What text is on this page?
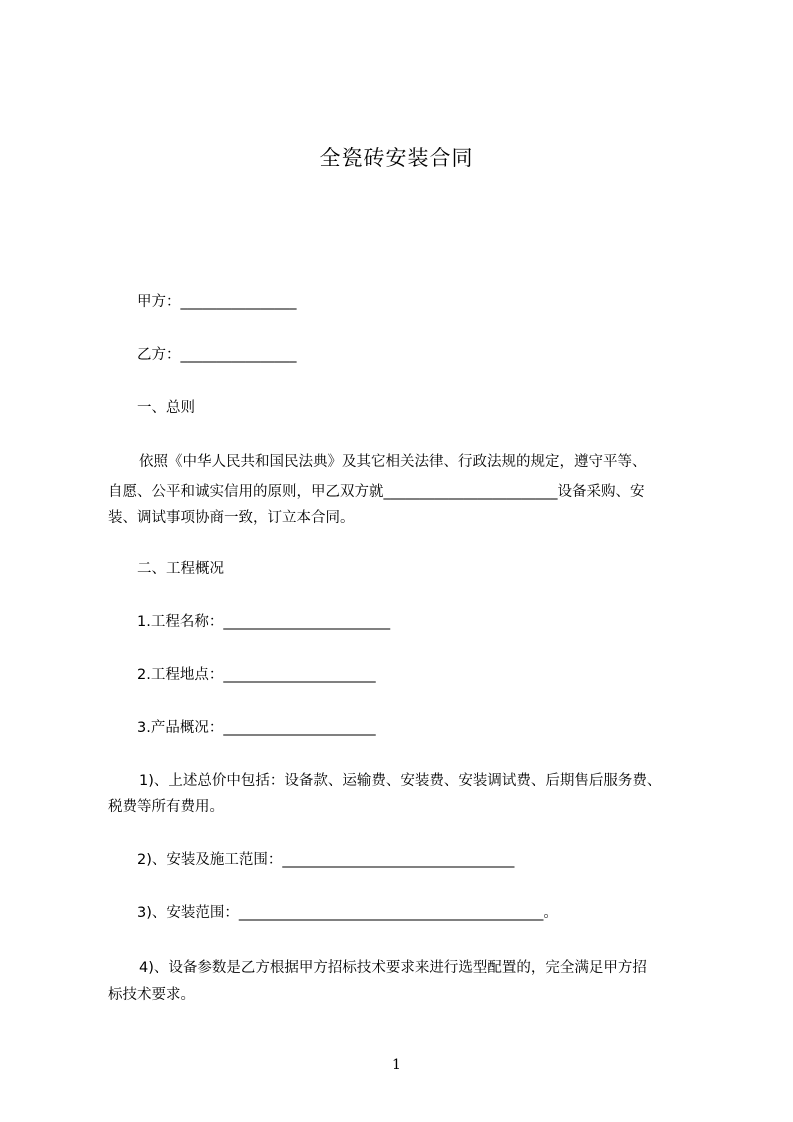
全瓷砖安装合同
甲方：________________
乙方：________________
一、总则
依照《中华人民共和国民法典》及其它相关法律、行政法规的规定，遵守平等、
自愿、公平和诚实信用的原则，甲乙双方就________________________设备采购、安
装、调试事项协商一致，订立本合同。
二、工程概况
1.工程名称：_______________________
2.工程地点：_____________________
3.产品概况：_____________________
1)、上述总价中包括：设备款、运输费、安装费、安装调试费、后期售后服务费、
税费等所有费用。
2)、安装及施工范围：________________________________
3)、安装范围：__________________________________________。
4)、设备参数是乙方根据甲方招标技术要求来进行选型配置的，完全满足甲方招
标技术要求。
1
